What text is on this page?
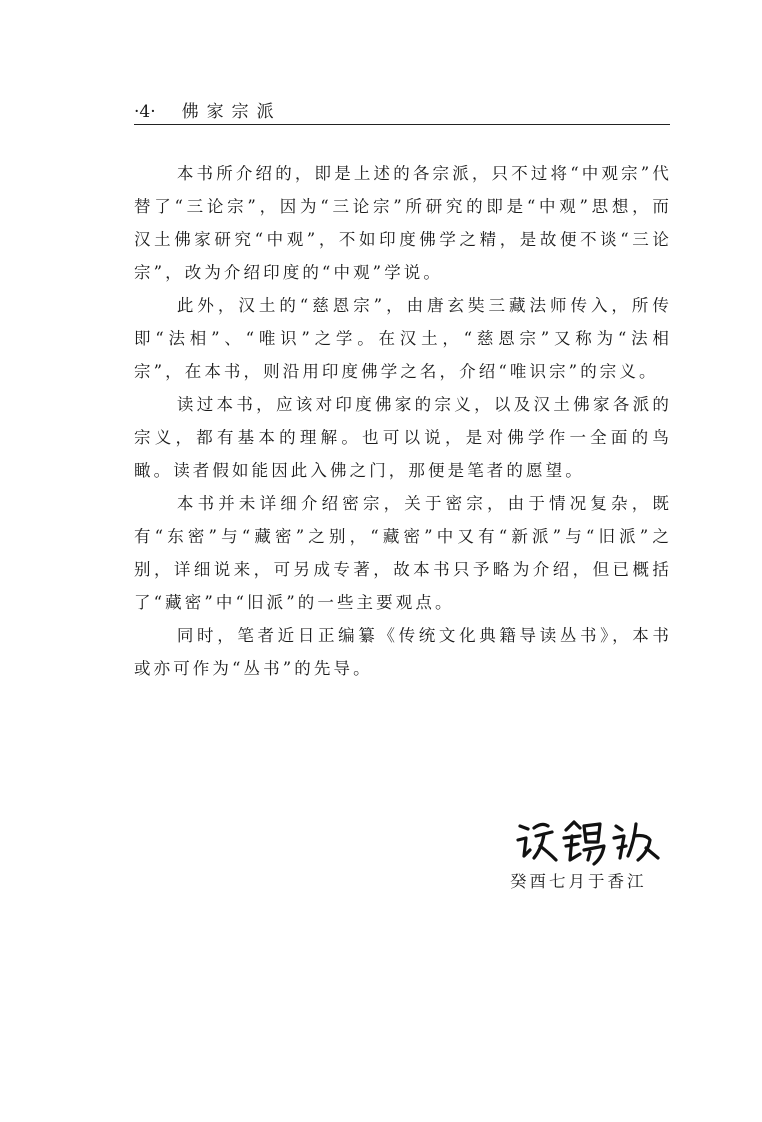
·4· 佛家宗派

本书所介绍的，即是上述的各宗派，只不过将“中观宗”代替了“三论宗”，因为“三论宗”所研究的即是“中观”思想，而汉土佛家研究“中观”，不如印度佛学之精，是故便不谈“三论宗”，改为介绍印度的“中观”学说。

此外，汉土的“慈恩宗”，由唐玄奘三藏法师传入，所传即“法相”、“唯识”之学。在汉土，“慈恩宗”又称为“法相宗”，在本书，则沿用印度佛学之名，介绍“唯识宗”的宗义。

读过本书，应该对印度佛家的宗义，以及汉土佛家各派的宗义，都有基本的理解。也可以说，是对佛学作一全面的鸟瞰。读者假如能因此入佛之门，那便是笔者的愿望。

本书并未详细介绍密宗，关于密宗，由于情况复杂，既有“东密”与“藏密”之别，“藏密”中又有“新派”与“旧派”之别，详细说来，可另成专著，故本书只予略为介绍，但已概括了“藏密”中“旧派”的一些主要观点。

同时，笔者近日正编纂《传统文化典籍导读丛书》，本书或亦可作为“丛书”的先导。

癸酉七月于香江
